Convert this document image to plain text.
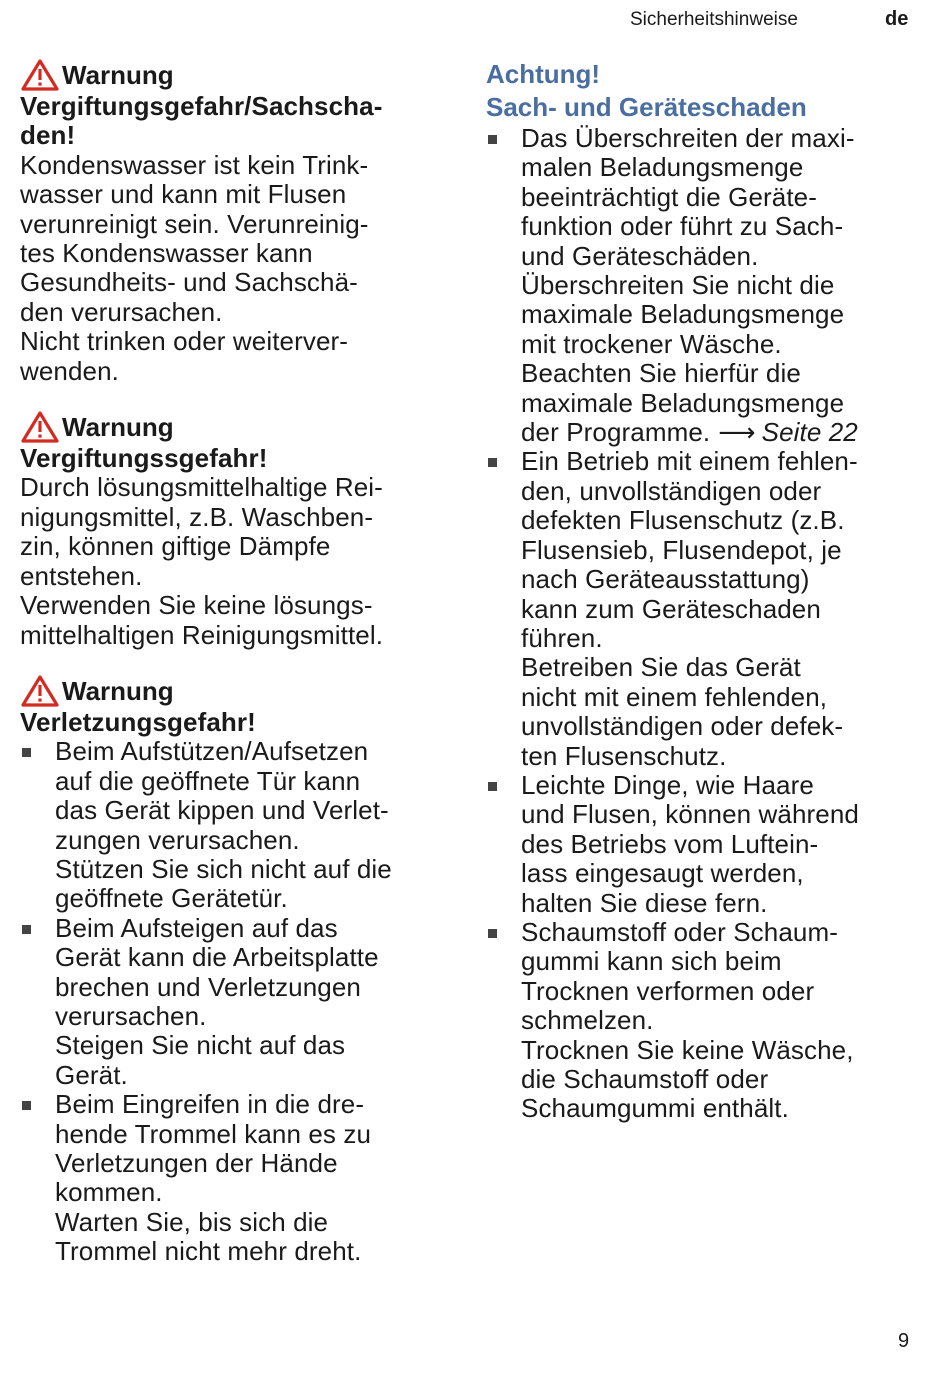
Sicherheitshinweise	de
Warnung
Vergiftungsgefahr/Sachscha-
den!
Kondenswasser ist kein Trink-
wasser und kann mit Flusen
verunreinigt sein. Verunreinig-
tes Kondenswasser kann
Gesundheits- und Sachschä-
den verursachen.
Nicht trinken oder weiterver-
wenden.
Warnung
Vergiftungssgefahr!
Durch lösungsmittelhaltige Rei-
nigungsmittel, z.B. Waschben-
zin, können giftige Dämpfe
entstehen.
Verwenden Sie keine lösungs-
mittelhaltigen Reinigungsmittel.
Warnung
Verletzungsgefahr!
Beim Aufstützen/Aufsetzen
auf die geöffnete Tür kann
das Gerät kippen und Verlet-
zungen verursachen.
Stützen Sie sich nicht auf die
geöffnete Gerätetür.
Beim Aufsteigen auf das
Gerät kann die Arbeitsplatte
brechen und Verletzungen
verursachen.
Steigen Sie nicht auf das
Gerät.
Beim Eingreifen in die dre-
hende Trommel kann es zu
Verletzungen der Hände
kommen.
Warten Sie, bis sich die
Trommel nicht mehr dreht.
Achtung!
Sach- und Geräteschaden
Das Überschreiten der maxi-
malen Beladungsmenge
beeinträchtigt die Geräte-
funktion oder führt zu Sach-
und Geräteschäden.
Überschreiten Sie nicht die
maximale Beladungsmenge
mit trockener Wäsche.
Beachten Sie hierfür die
maximale Beladungsmenge
der Programme. ⟶ Seite 22
Ein Betrieb mit einem fehlen-
den, unvollständigen oder
defekten Flusenschutz (z.B.
Flusensieb, Flusendepot, je
nach Geräteausstattung)
kann zum Geräteschaden
führen.
Betreiben Sie das Gerät
nicht mit einem fehlenden,
unvollständigen oder defek-
ten Flusenschutz.
Leichte Dinge, wie Haare
und Flusen, können während
des Betriebs vom Luftein-
lass eingesaugt werden,
halten Sie diese fern.
Schaumstoff oder Schaum-
gummi kann sich beim
Trocknen verformen oder
schmelzen.
Trocknen Sie keine Wäsche,
die Schaumstoff oder
Schaumgummi enthält.
9
